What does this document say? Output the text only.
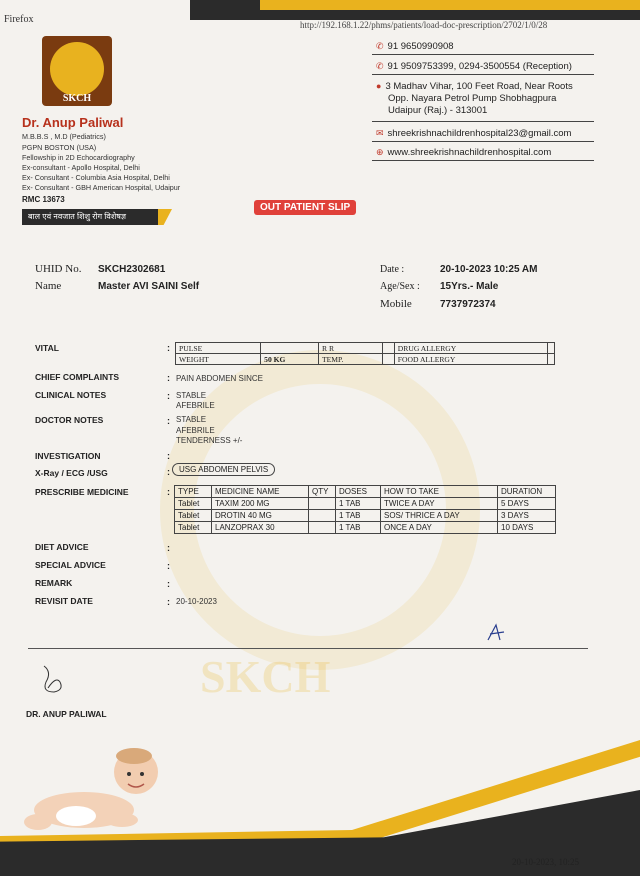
Firefox	http://192.168.1.22/phms/patients/load-doc-prescription/2702/1/0/28
SKCH
SKCH
Dr. Anup Paliwal
M.B.B.S , M.D (Pediatrics)
PGPN BOSTON (USA)
Fellowship in 2D Echocardiography
Ex-consultant - Apollo Hospital, Delhi
Ex- Consultant - Columbia Asia Hospital, Delhi
Ex- Consultant - GBH American Hospital, Udaipur
RMC 13673
बाल एवं नवजात शिशु रोग विशेषज्ञ
✆ 91 9650990908
✆ 91 9509753399, 0294-3500554 (Reception)
● 3 Madhav Vihar, 100 Feet Road, Near Roots
Opp. Nayara Petrol Pump Shobhagpura
Udaipur (Raj.) - 313001
✉ shreekrishnachildrenhospital23@gmail.com
⊕ www.shreekrishnachildrenhospital.com
OUT PATIENT SLIP
UHID No. SKCH2302681
Name	Master AVI SAINI Self
Date :	20-10-2023 10:25 AM
Age/Sex : 15Yrs.- Male
Mobile	7737972374
VITAL	: PULSE		R R		DRUG ALLERGY	
WEIGHT	50 KG	TEMP.		FOOD ALLERGY	
CHIEF COMPLAINTS	: PAIN ABDOMEN SINCE
CLINICAL NOTES	: STABLE
AFEBRILE
DOCTOR NOTES	: STABLE
AFEBRILE
TENDERNESS +/-
INVESTIGATION	:
X-Ray / ECG /USG	:	USG ABDOMEN PELVIS
PRESCRIBE MEDICINE	: TYPE	MEDICINE NAME	QTY	DOSES	HOW TO TAKE	DURATION
Tablet	TAXIM 200 MG		1 TAB	TWICE A DAY	5 DAYS
Tablet	DROTIN 40 MG		1 TAB	SOS/ THRICE A DAY	3 DAYS
Tablet	LANZOPRAX 30		1 TAB	ONCE A DAY	10 DAYS
DIET ADVICE	:
SPECIAL ADVICE	:
REMARK	:
REVISIT DATE	: 20-10-2023
DR. ANUP PALIWAL
20-10-2023, 10:25
